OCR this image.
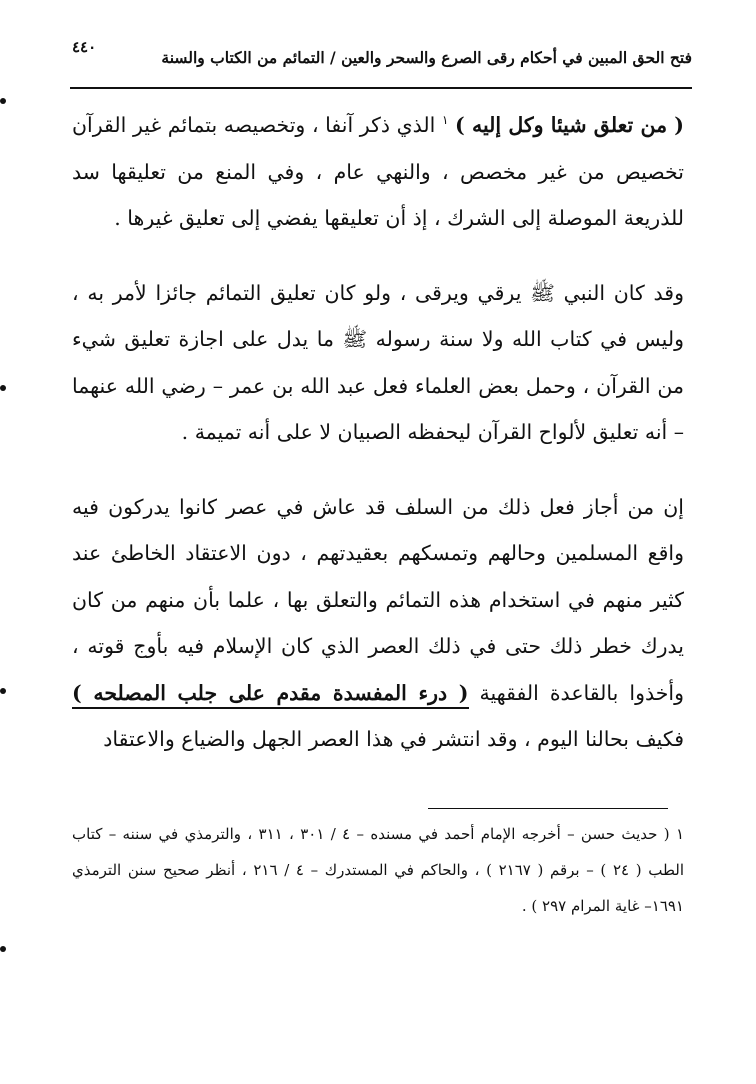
٤٤٠
فتح الحق المبين في أحكام رقى الصرع والسحر والعين / التمائم من الكتاب والسنة

( من تعلق شيئا وكل إليه ) $^١$ الذي ذكر آنفا ، وتخصيصه بتمائم غير القرآن تخصيص من غير مخصص ، والنهي عام ، وفي المنع من تعليقها سد للذريعة الموصلة إلى الشرك ، إذ أن تعليقها يفضي إلى تعليق غيرها .

وقد كان النبي ﷺ يرقي ويرقى ، ولو كان تعليق التمائم جائزا لأمر به ، وليس في كتاب الله ولا سنة رسوله ﷺ ما يدل على اجازة تعليق شيء من القرآن ، وحمل بعض العلماء فعل عبد الله بن عمر – رضي الله عنهما – أنه تعليق لألواح القرآن ليحفظه الصبيان لا على أنه تميمة .

إن من أجاز فعل ذلك من السلف قد عاش في عصر كانوا يدركون فيه واقع المسلمين وحالهم وتمسكهم بعقيدتهم ، دون الاعتقاد الخاطئ عند كثير منهم في استخدام هذه التمائم والتعلق بها ، علما بأن منهم من كان يدرك خطر ذلك حتى في ذلك العصر الذي كان الإسلام فيه بأوج قوته ، وأخذوا بالقاعدة الفقهية ( درء المفسدة مقدم على جلب المصلحه ) فكيف بحالنا اليوم ، وقد انتشر في هذا العصر الجهل والضياع والاعتقاد

١ ( حديث حسن – أخرجه الإمام أحمد في مسنده – ٤ / ٣٠١ ، ٣١١ ، والترمذي في سننه – كتاب الطب ( ٢٤ ) – برقم ( ٢١٦٧ ) ، والحاكم في المستدرك – ٤ / ٢١٦ ، أنظر صحيح سنن الترمذي ١٦٩١– غاية المرام ٢٩٧ ) .
